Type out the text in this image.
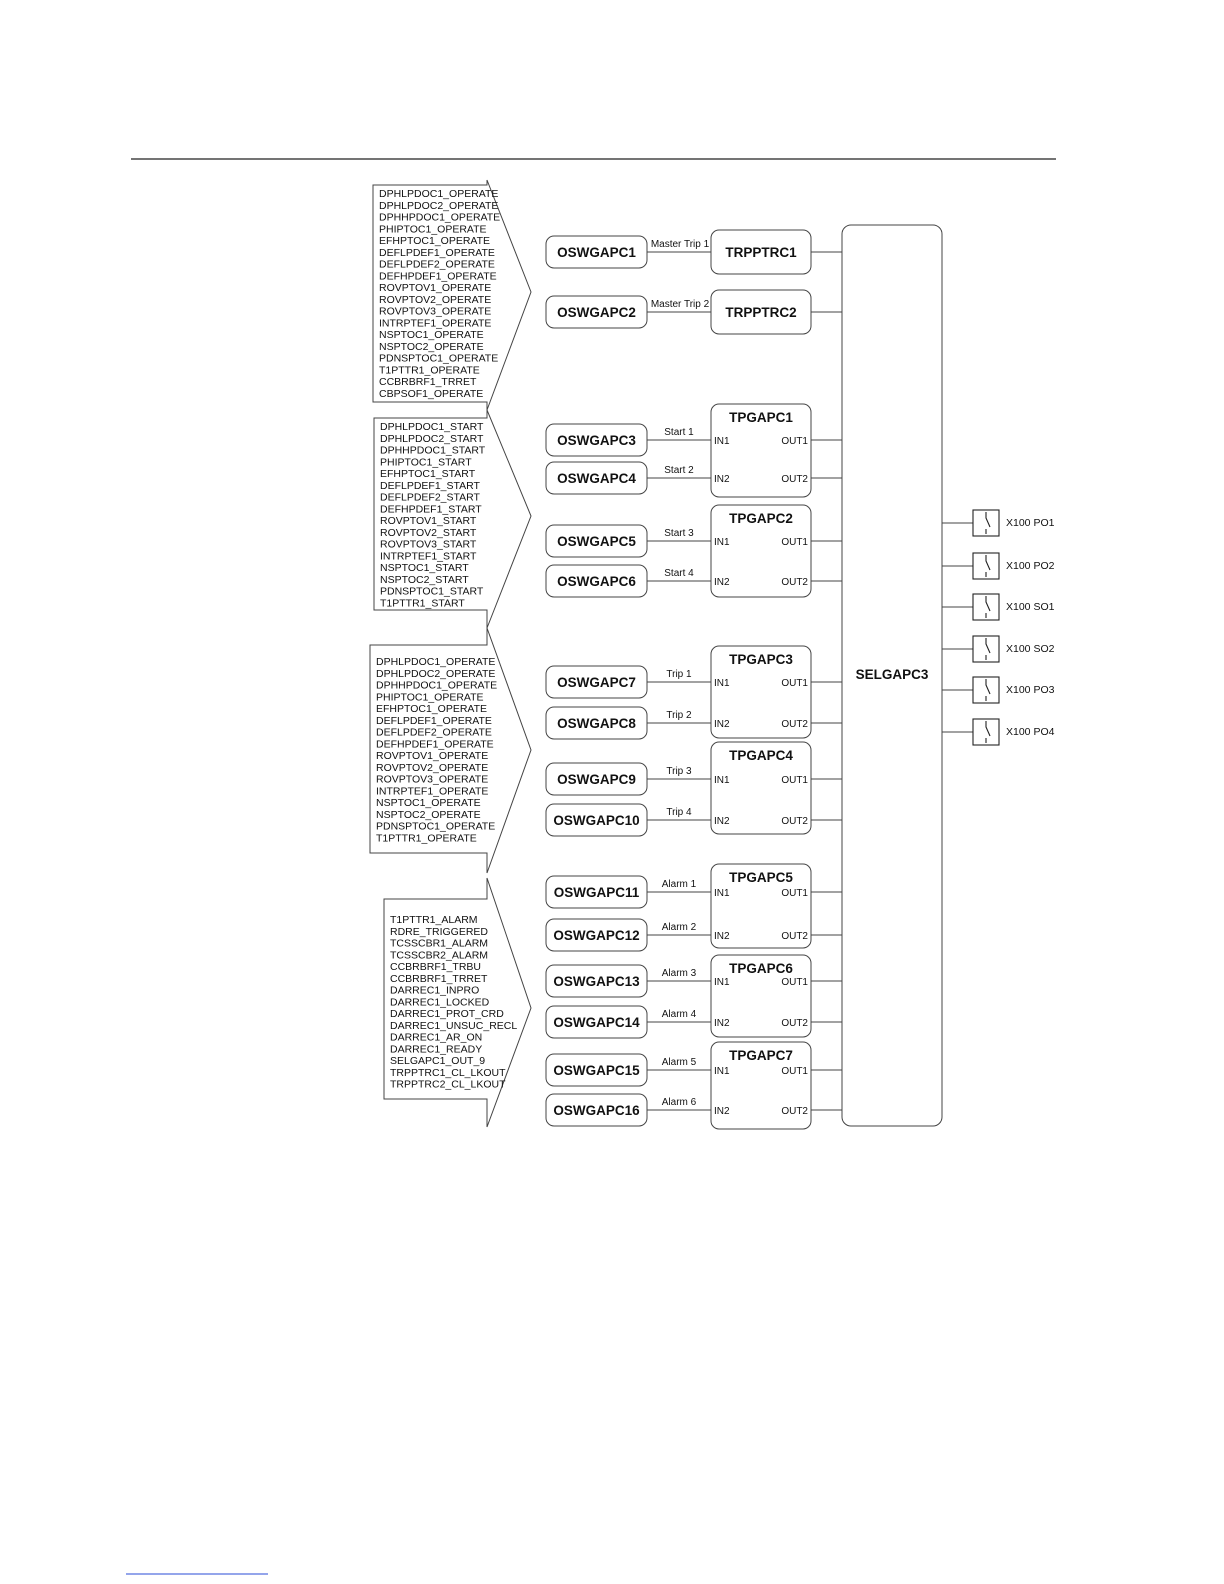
DPHLPDOC1_OPERATE
DPHLPDOC2_OPERATE
DPHHPDOC1_OPERATE
PHIPTOC1_OPERATE
EFHPTOC1_OPERATE
DEFLPDEF1_OPERATE
DEFLPDEF2_OPERATE
DEFHPDEF1_OPERATE
ROVPTOV1_OPERATE
ROVPTOV2_OPERATE
ROVPTOV3_OPERATE
INTRPTEF1_OPERATE
NSPTOC1_OPERATE
NSPTOC2_OPERATE
PDNSPTOC1_OPERATE
T1PTTR1_OPERATE
CCBRBRF1_TRRET
CBPSOF1_OPERATE
DPHLPDOC1_START
DPHLPDOC2_START
DPHHPDOC1_START
PHIPTOC1_START
EFHPTOC1_START
DEFLPDEF1_START
DEFLPDEF2_START
DEFHPDEF1_START
ROVPTOV1_START
ROVPTOV2_START
ROVPTOV3_START
INTRPTEF1_START
NSPTOC1_START
NSPTOC2_START
PDNSPTOC1_START
T1PTTR1_START
DPHLPDOC1_OPERATE
DPHLPDOC2_OPERATE
DPHHPDOC1_OPERATE
PHIPTOC1_OPERATE
EFHPTOC1_OPERATE
DEFLPDEF1_OPERATE
DEFLPDEF2_OPERATE
DEFHPDEF1_OPERATE
ROVPTOV1_OPERATE
ROVPTOV2_OPERATE
ROVPTOV3_OPERATE
INTRPTEF1_OPERATE
NSPTOC1_OPERATE
NSPTOC2_OPERATE
PDNSPTOC1_OPERATE
T1PTTR1_OPERATE
T1PTTR1_ALARM
RDRE_TRIGGERED
TCSSCBR1_ALARM
TCSSCBR2_ALARM
CCBRBRF1_TRBU
CCBRBRF1_TRRET
DARREC1_INPRO
DARREC1_LOCKED
DARREC1_PROT_CRD
DARREC1_UNSUC_RECL
DARREC1_AR_ON
DARREC1_READY
SELGAPC1_OUT_9
TRPPTRC1_CL_LKOUT
TRPPTRC2_CL_LKOUT
Master Trip 1
Master Trip 2
Start 1
Start 2
Start 3
Start 4
Trip 1
Trip 2
Trip 3
Trip 4
Alarm 1
Alarm 2
Alarm 3
Alarm 4
Alarm 5
Alarm 6
OSWGAPC1
OSWGAPC2
OSWGAPC3
OSWGAPC4
OSWGAPC5
OSWGAPC6
OSWGAPC7
OSWGAPC8
OSWGAPC9
OSWGAPC10
OSWGAPC11
OSWGAPC12
OSWGAPC13
OSWGAPC14
OSWGAPC15
OSWGAPC16
TRPPTRC1
TRPPTRC2
TPGAPC1
IN1
IN2
OUT1
OUT2
TPGAPC2
IN1
IN2
OUT1
OUT2
TPGAPC3
IN1
IN2
OUT1
OUT2
TPGAPC4
IN1
IN2
OUT1
OUT2
TPGAPC5
IN1
IN2
OUT1
OUT2
TPGAPC6
IN1
IN2
OUT1
OUT2
TPGAPC7
IN1
IN2
OUT1
OUT2
SELGAPC3
X100 PO1
X100 PO2
X100 SO1
X100 SO2
X100 PO3
X100 PO4
